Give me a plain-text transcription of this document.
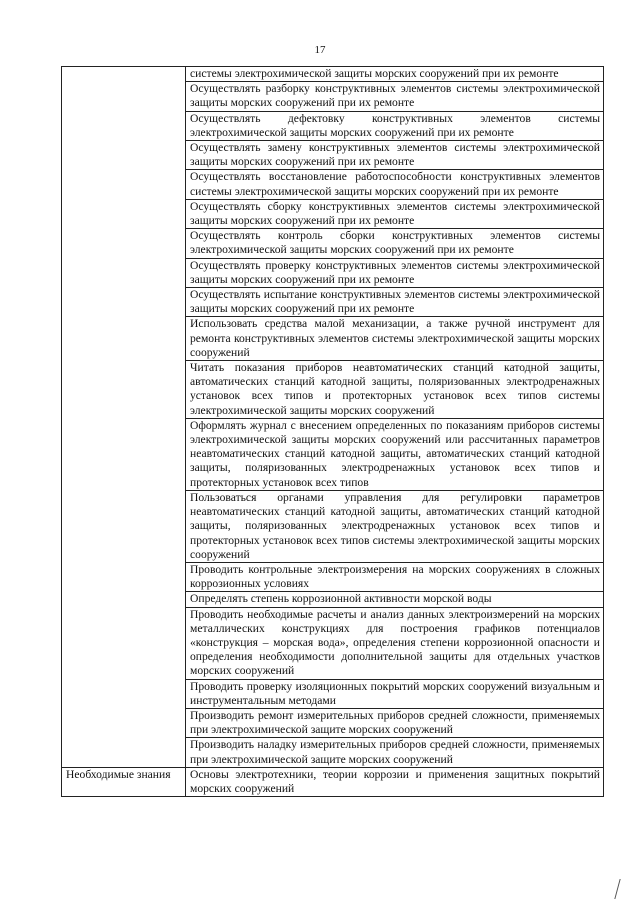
17
	системы электрохимической защиты морских сооружений при их ремонте
	Осуществлять разборку конструктивных элементов системы электрохимической защиты морских сооружений при их ремонте
	Осуществлять дефектовку конструктивных элементов системы электрохимической защиты морских сооружений при их ремонте
	Осуществлять замену конструктивных элементов системы электрохимической защиты морских сооружений при их ремонте
	Осуществлять восстановление работоспособности конструктивных элементов системы электрохимической защиты морских сооружений при их ремонте
	Осуществлять сборку конструктивных элементов системы электрохимической защиты морских сооружений при их ремонте
	Осуществлять контроль сборки конструктивных элементов системы электрохимической защиты морских сооружений при их ремонте
	Осуществлять проверку конструктивных элементов системы электрохимической защиты морских сооружений при их ремонте
	Осуществлять испытание конструктивных элементов системы электрохимической защиты морских сооружений при их ремонте
	Использовать средства малой механизации, а также ручной инструмент для ремонта конструктивных элементов системы электрохимической защиты морских сооружений
	Читать показания приборов неавтоматических станций катодной защиты, автоматических станций катодной защиты, поляризованных электродренажных установок всех типов и протекторных установок всех типов системы электрохимической защиты морских сооружений
	Оформлять журнал с внесением определенных по показаниям приборов системы электрохимической защиты морских сооружений или рассчитанных параметров неавтоматических станций катодной защиты, автоматических станций катодной защиты, поляризованных электродренажных установок всех типов и протекторных установок всех типов
	Пользоваться органами управления для регулировки параметров неавтоматических станций катодной защиты, автоматических станций катодной защиты, поляризованных электродренажных установок всех типов и протекторных установок всех типов системы электрохимической защиты морских сооружений
	Проводить контрольные электроизмерения на морских сооружениях в сложных коррозионных условиях
	Определять степень коррозионной активности морской воды
	Проводить необходимые расчеты и анализ данных электроизмерений на морских металлических конструкциях для построения графиков потенциалов «конструкция – морская вода», определения степени коррозионной опасности и определения необходимости дополнительной защиты для отдельных участков морских сооружений
	Проводить проверку изоляционных покрытий морских сооружений визуальным и инструментальным методами
	Производить ремонт измерительных приборов средней сложности, применяемых при электрохимической защите морских сооружений
	Производить наладку измерительных приборов средней сложности, применяемых при электрохимической защите морских сооружений
Необходимые знания	Основы электротехники, теории коррозии и применения защитных покрытий морских сооружений
